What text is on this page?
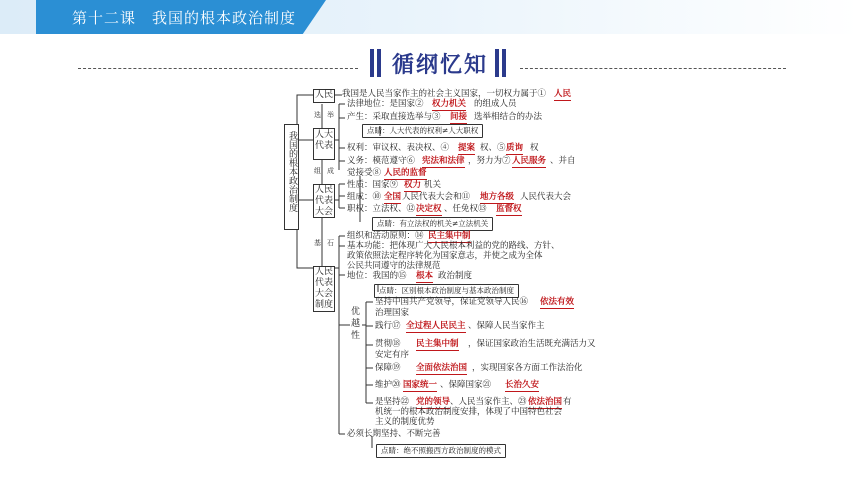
第十二课　我国的根本政治制度
循纲忆知
我国的根本政治制度
人民
人大代表
人民代表大会
人民代表大会制度
选 举
组 成
基 石
我国是人民当家作主的社会主义国家，一切权力属于① 人民
法律地位：是国家② 权力机关 的组成人员
产生：采取直接选举与③ 间接 选举相结合的办法
点睛：人大代表的权利≠人大职权
权利：审议权、表决权、④ 提案 权、⑤ 质询 权
义务：模范遵守⑥ 宪法和法律 ，努力为⑦ 人民服务 、并自
觉接受⑧ 人民的监督
性质：国家⑨ 权力 机关
组成：⑩ 全国 人民代表大会和⑪ 地方各级 人民代表大会
职权：立法权、⑫ 决定权 、任免权⑬ 监督权
点睛：有立法权的机关≠立法机关
组织和活动原则：⑭ 民主集中制
基本功能：把体现广大人民根本利益的党的路线、方针、
政策依照法定程序转化为国家意志，并使之成为全体
公民共同遵守的法律规范
地位：我国的⑮ 根本 政治制度
点睛：区别根本政治制度与基本政治制度
优越性
坚持中国共产党领导，保证党领导人民⑯ 依法有效
治理国家
践行⑰ 全过程人民民主 、保障人民当家作主
贯彻⑱ 民主集中制 ，保证国家政治生活既充满活力又
安定有序
保障⑲ 全面依法治国 ，实现国家各方面工作法治化
维护⑳ 国家统一 、保障国家㉑ 长治久安
是坚持㉒ 党的领导 、人民当家作主、㉓ 依法治国 有
机统一的根本政治制度安排，体现了中国特色社会
主义的制度优势
必须长期坚持、不断完善
点睛：绝不照搬西方政治制度的模式
